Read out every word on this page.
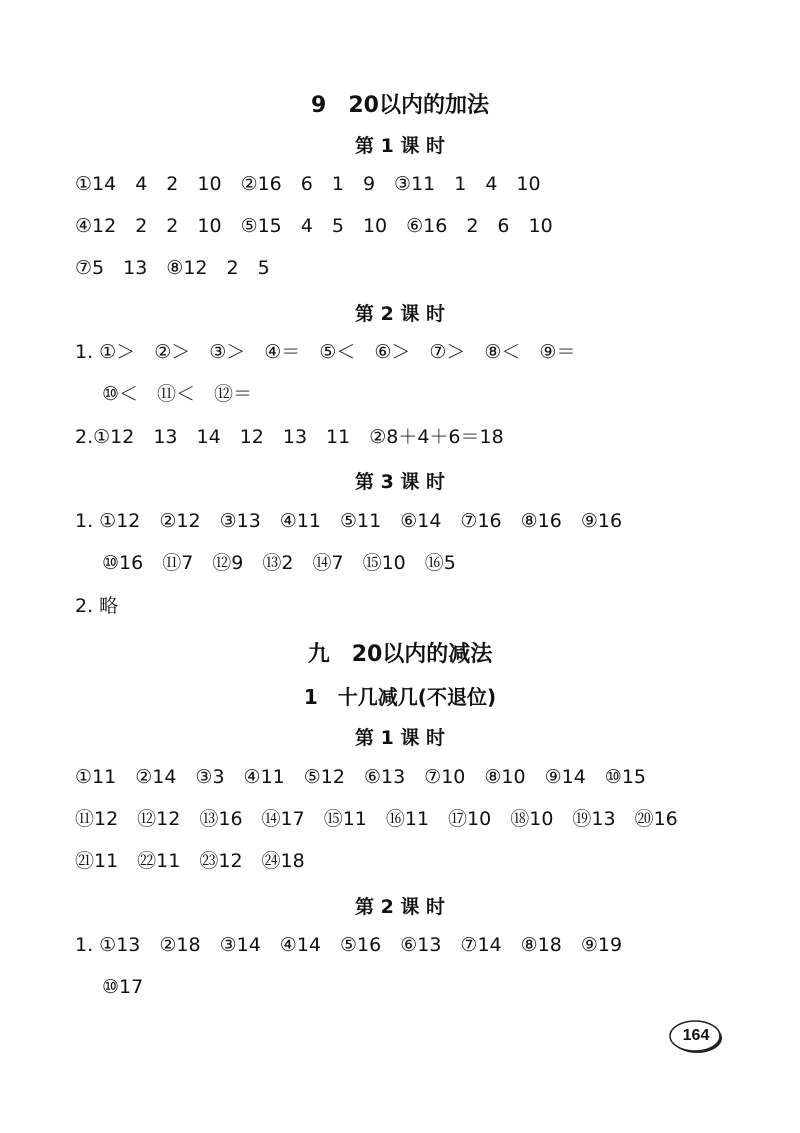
9　20以内的加法
第 1 课 时
①14　4　2　10　②16　6　1　9　③11　1　4　10
④12　2　2　10　⑤15　4　5　10　⑥16　2　6　10
⑦5　13　⑧12　2　5
第 2 课 时
1. ①＞　②＞　③＞　④＝　⑤＜　⑥＞　⑦＞　⑧＜　⑨＝
⑩＜　⑪＜　⑫＝
2.①12　13　14　12　13　11　②8＋4＋6＝18
第 3 课 时
1. ①12　②12　③13　④11　⑤11　⑥14　⑦16　⑧16　⑨16
⑩16　⑪7　⑫9　⑬2　⑭7　⑮10　⑯5
2. 略
九　20以内的减法
1　十几减几(不退位)
第 1 课 时
①11　②14　③3　④11　⑤12　⑥13　⑦10　⑧10　⑨14　⑩15
⑪12　⑫12　⑬16　⑭17　⑮11　⑯11　⑰10　⑱10　⑲13　⑳16
㉑11　㉒11　㉓12　㉔18
第 2 课 时
1. ①13　②18　③14　④14　⑤16　⑥13　⑦14　⑧18　⑨19
⑩17
164
